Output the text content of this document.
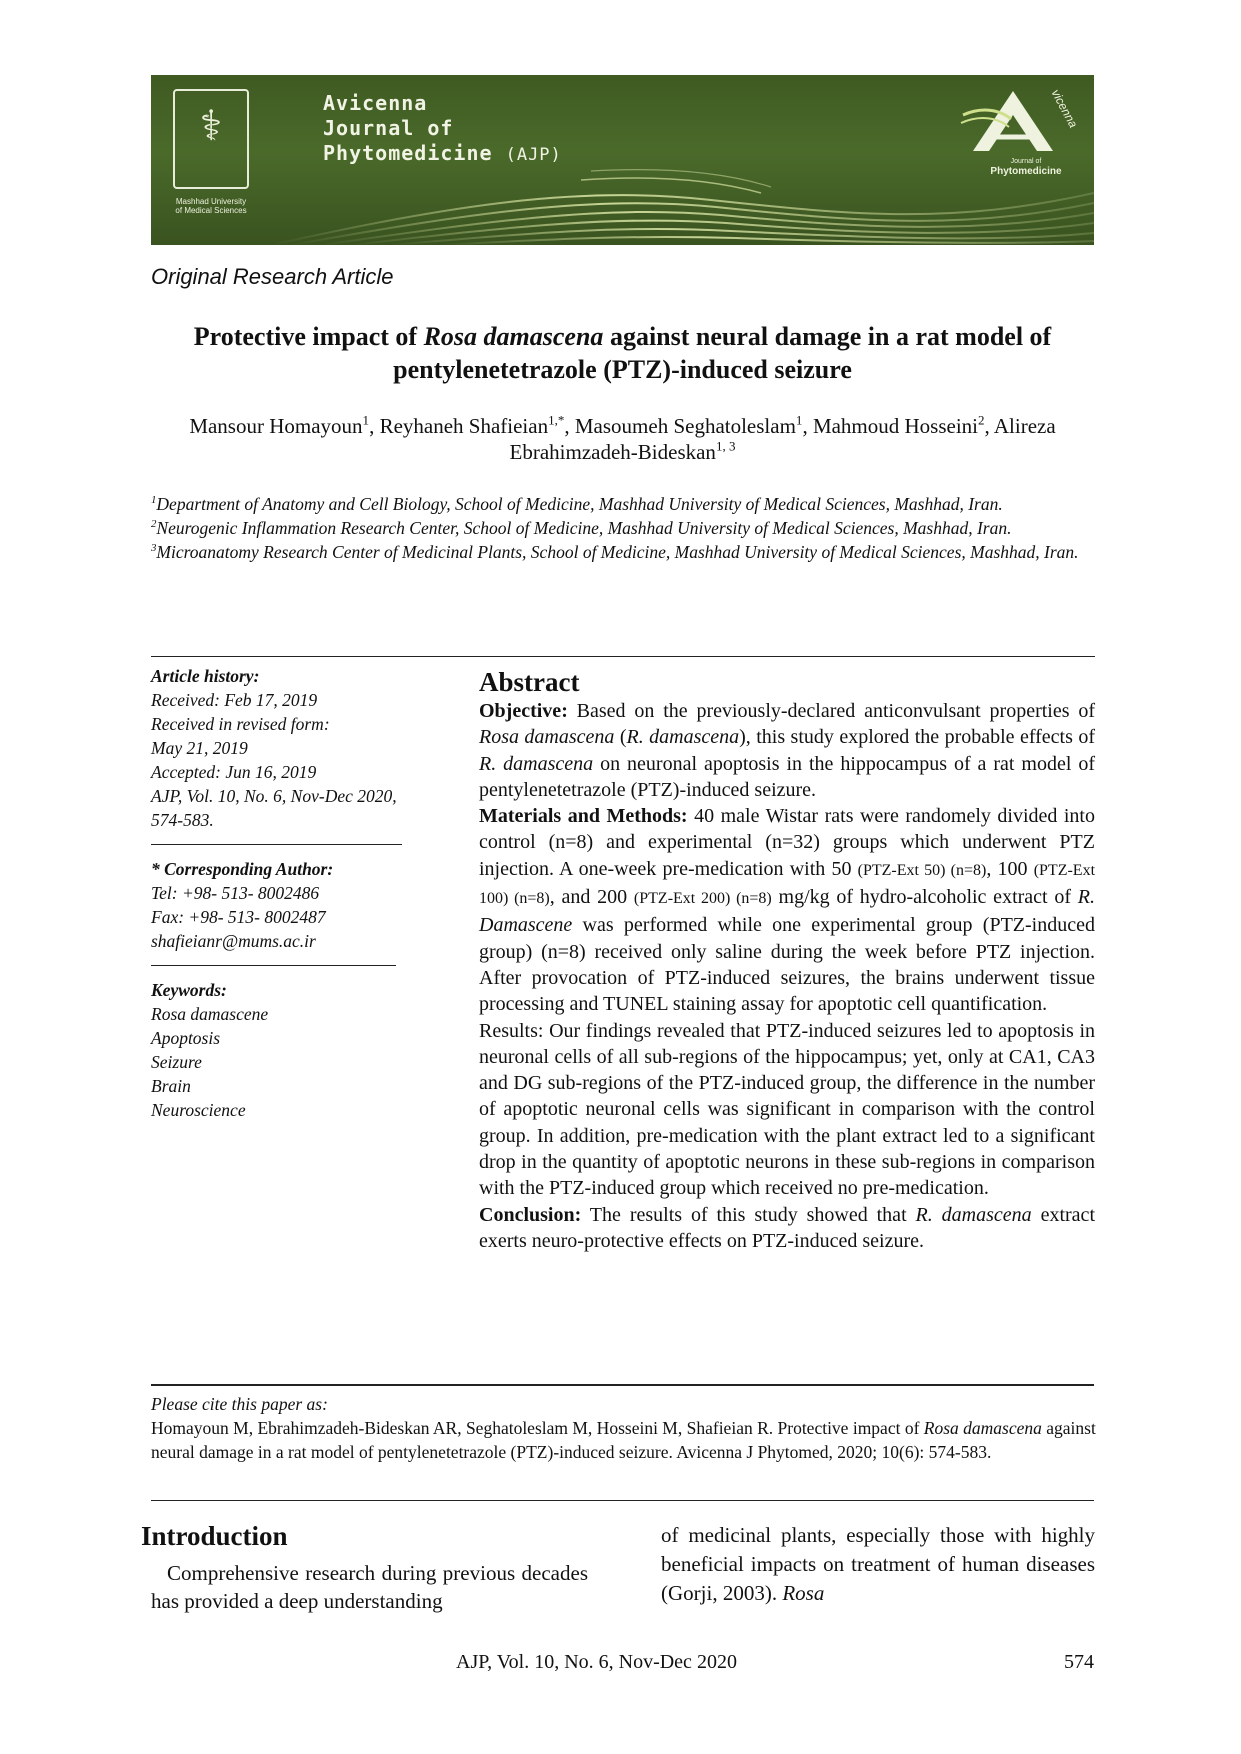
⚕
Mashhad University of Medical Sciences
Avicenna
Journal of
Phytomedicine (AJP)
vicenna
Journal of
Phytomedicine
Original Research Article
Protective impact of Rosa damascena against neural damage in a rat model of pentylenetetrazole (PTZ)-induced seizure
Mansour Homayoun$^1$, Reyhaneh Shafieian$^{1,*}$, Masoumeh Seghatoleslam$^1$, Mahmoud Hosseini$^2$, Alireza Ebrahimzadeh-Bideskan$^{1, 3}$

$^1$Department of Anatomy and Cell Biology, School of Medicine, Mashhad University of Medical Sciences, Mashhad, Iran.

$^2$Neurogenic Inflammation Research Center, School of Medicine, Mashhad University of Medical Sciences, Mashhad, Iran.

$^3$Microanatomy Research Center of Medicinal Plants, School of Medicine, Mashhad University of Medical Sciences, Mashhad, Iran.

Article history:
Received: Feb 17, 2019
Received in revised form:
May 21, 2019
Accepted: Jun 16, 2019
AJP, Vol. 10, No. 6, Nov-Dec 2020, 574-583.
* Corresponding Author:
Tel: +98- 513- 8002486
Fax: +98- 513- 8002487
shafieianr@mums.ac.ir
Keywords:
Rosa damascene
Apoptosis
Seizure
Brain
Neuroscience
Abstract

Objective: Based on the previously-declared anticonvulsant properties of Rosa damascena (R. damascena), this study explored the probable effects of R. damascena on neuronal apoptosis in the hippocampus of a rat model of pentylenetetrazole (PTZ)-induced seizure.

Materials and Methods: 40 male Wistar rats were randomely divided into control (n=8) and experimental (n=32) groups which underwent PTZ injection. A one-week pre-medication with 50 (PTZ-Ext 50) (n=8), 100 (PTZ-Ext 100) (n=8), and 200 (PTZ-Ext 200) (n=8) mg/kg of hydro-alcoholic extract of R. Damascene was performed while one experimental group (PTZ-induced group) (n=8) received only saline during the week before PTZ injection. After provocation of PTZ-induced seizures, the brains underwent tissue processing and TUNEL staining assay for apoptotic cell quantification.

Results: Our findings revealed that PTZ-induced seizures led to apoptosis in neuronal cells of all sub-regions of the hippocampus; yet, only at CA1, CA3 and DG sub-regions of the PTZ-induced group, the difference in the number of apoptotic neuronal cells was significant in comparison with the control group. In addition, pre-medication with the plant extract led to a significant drop in the quantity of apoptotic neurons in these sub-regions in comparison with the PTZ-induced group which received no pre-medication.

Conclusion: The results of this study showed that R. damascena extract exerts neuro-protective effects on PTZ-induced seizure.

Please cite this paper as:

Homayoun M, Ebrahimzadeh-Bideskan AR, Seghatoleslam M, Hosseini M, Shafieian R. Protective impact of Rosa damascena against neural damage in a rat model of pentylenetetrazole (PTZ)-induced seizure. Avicenna J Phytomed, 2020; 10(6): 574-583.

Introduction
Comprehensive research during previous decades has provided a deep understanding
of medicinal plants, especially those with highly beneficial impacts on treatment of human diseases (Gorji, 2003). Rosa
AJP, Vol. 10, No. 6, Nov-Dec 2020	574
